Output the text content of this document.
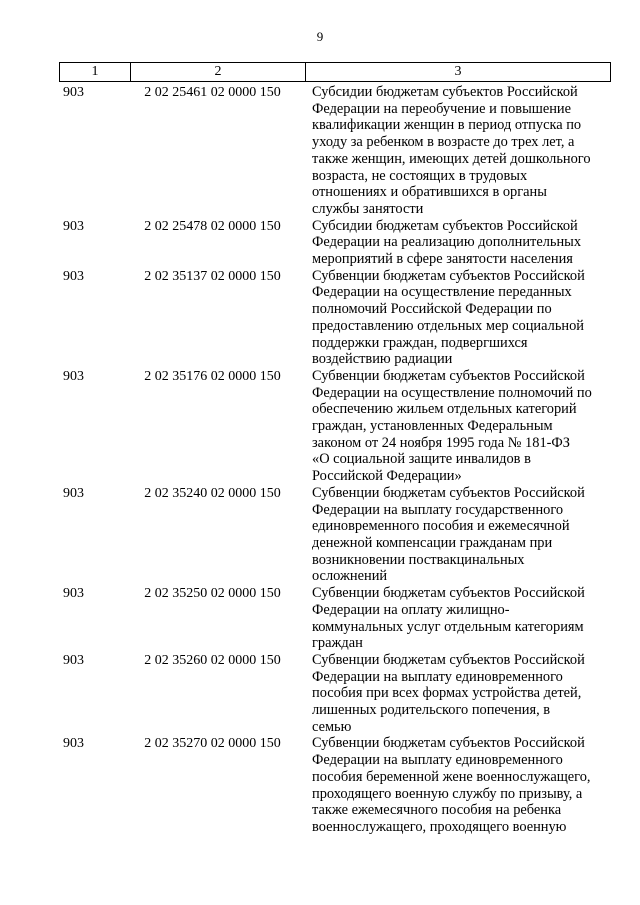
9
1	2	3
903	2 02 25461 02 0000 150	Субсидии бюджетам субъектов Российской
Федерации на переобучение и повышение
квалификации женщин в период отпуска по
уходу за ребенком в возрасте до трех лет, а
также женщин, имеющих детей дошкольного
возраста, не состоящих в трудовых
отношениях и обратившихся в органы
службы занятости
903	2 02 25478 02 0000 150	Субсидии бюджетам субъектов Российской
Федерации на реализацию дополнительных
мероприятий в сфере занятости населения
903	2 02 35137 02 0000 150	Субвенции бюджетам субъектов Российской
Федерации на осуществление переданных
полномочий Российской Федерации по
предоставлению отдельных мер социальной
поддержки граждан, подвергшихся
воздействию радиации
903	2 02 35176 02 0000 150	Субвенции бюджетам субъектов Российской
Федерации на осуществление полномочий по
обеспечению жильем отдельных категорий
граждан, установленных Федеральным
законом от 24 ноября 1995 года № 181-ФЗ
«О социальной защите инвалидов в
Российской Федерации»
903	2 02 35240 02 0000 150	Субвенции бюджетам субъектов Российской
Федерации на выплату государственного
единовременного пособия и ежемесячной
денежной компенсации гражданам при
возникновении поствакцинальных
осложнений
903	2 02 35250 02 0000 150	Субвенции бюджетам субъектов Российской
Федерации на оплату жилищно-
коммунальных услуг отдельным категориям
граждан
903	2 02 35260 02 0000 150	Субвенции бюджетам субъектов Российской
Федерации на выплату единовременного
пособия при всех формах устройства детей,
лишенных родительского попечения, в
семью
903	2 02 35270 02 0000 150	Субвенции бюджетам субъектов Российской
Федерации на выплату единовременного
пособия беременной жене военнослужащего,
проходящего военную службу по призыву, а
также ежемесячного пособия на ребенка
военнослужащего, проходящего военную
